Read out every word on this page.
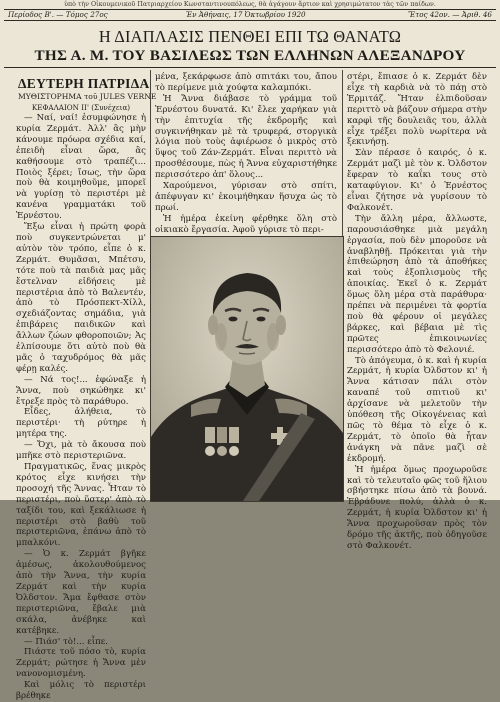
ὑπὸ τὴν Οἰκουμενικοῦ Πατριαρχείου Κωνσταντινουπόλεως, θὰ ἀγάγουν ἄρτιον καὶ χρησιμώτατον τὰς τῶν παίδων.
Περίοδος Β'. — Τόμος 27ος	Ἐν Ἀθήναις, 17 Ὀκτωβρίου 1920	Ἔτος 42ον. — Ἀριθ. 46
Η ΔΙΑΠΛΑΣΙΣ ΠΕΝΘΕΙ ΕΠΙ ΤΩ ΘΑΝΑΤΩ
ΤΗΣ Α. Μ. ΤΟΥ ΒΑΣΙΛΕΩΣ ΤΩΝ ΕΛΛΗΝΩΝ ΑΛΕΞΑΝΔΡΟΥ
ΔΕΥΤΕΡΗ ΠΑΤΡΙΔΑ
ΜΥΘΙΣΤΟΡΗΜΑ τοῦ JULES VERNE

ΚΕΦΑΛΑΙΟΝ ΙΙ' (Συνέχεια)

— Ναί, ναί! ἐσυμφώνησε ἡ κυρία Ζερμάτ. Ἀλλ' ἂς μὴν κάνουμε πρόωρα σχέδια καί, ἐπειδὴ εἶναι ὥρα, ἂς καθήσουμε στὸ τραπέζι... Ποιὸς ξέρει; ἴσως, τὴν ὥρα ποὺ θὰ κοιμηθοῦμε, μπορεῖ νὰ γυρίσῃ τὸ περιστέρι μὲ κανένα γραμματάκι τοῦ Ἐρνέστου.

Ἔξω εἶναι ἡ πρώτη φορὰ ποὺ συγκεντρώνεται μ' αὐτὸν τὸν τρόπο, εἶπε ὁ κ. Ζερμάτ. Θυμᾶσαι, Μπέτσυ, τότε ποὺ τὰ παιδιὰ μας μᾶς ἔστελναν εἰδήσεις μὲ περιστέρια ἀπὸ τὸ Βαλεντέν, ἀπὸ τὸ Πρόσπεκτ-Χίλλ, σχεδιάζοντας σημάδια, γιὰ ἐπιβάρεις παιδικῶν καὶ ἄλλων ζώων φθοροποιῶν; Ἀς ἐλπίσουμε ὅτι αὐτὸ ποὺ θὰ μᾶς ὁ ταχυδρόμος θὰ μᾶς φέρῃ καλές.

— Νά τος!... ἐφώναξε ἡ Ἄννα, ποὺ σηκώθηκε κι' ἔτρεξε πρὸς τὸ παράθυρο.

Εἶδες, ἀλήθεια, τὸ περιστέρι· τὴ ρύτηρε ἡ μητέρα της.

— Ὄχι, μὰ τὸ ἄκουσα ποὺ μπῆκε στὸ περιστεριῶνα.

Πραγματικῶς, ἕνας μικρὸς κρότος εἶχε κινήσει τὴν προσοχή τῆς Ἄννας. Ἦταν τὸ περιστέρι, ποὺ ὕστερ' ἀπὸ τὸ ταξίδι του, καὶ ξεκάλιωσε ἡ περιστέρι στὸ βαθὺ τοῦ περιστεριῶνα, ἐπάνω ἀπὸ τὸ μπαλκόνι.

— Ὁ κ. Ζερμάτ βγῆκε ἀμέσως, ἀκολουθούμενος ἀπὸ τὴν Ἄννα, τὴν κυρία Ζερμάτ καὶ τὴν κυρία Ὀλδστον. Ἄμα ἔφθασε στὸν περιστεριῶνα, ἔβαλε μιὰ σκάλα, ἀνέβηκε καὶ κατέβηκε.

— Πιάσ' τὸ!... εἶπε.

Πιάστε τοῦ πόσο τὸ, κυρία Ζερμάτ; ρώτησε ἡ Ἄννα μὲν νανονομισμένη.

Καὶ μόλις τὸ περιστέρι βρέθηκε

μένα, ξεκάρφωσε ἀπὸ σπιτάκι του, ἄπου τὸ περίμενε μιὰ χούφτα καλαμπόκι.

Ἡ Ἄννα διάβασε τὸ γράμμα τοῦ Ἐρνέστου δυνατά. Κι' ἔλεε χαρήκαν γιὰ τὴν ἐπιτυχία τῆς ἐκδρομῆς καὶ συγκινήθηκαν μὲ τὰ τρυφερά, στοργικὰ λόγια ποὺ τοὺς ἀφιέρωσε ὁ μικρὸς στὸ ὕψος τοῦ Ζάν-Ζερμάτ. Εἶναι περιττὸ νὰ προσθέσουμε, πὼς ἡ Ἄννα εὐχαριστήθηκε περισσότερο ἀπ' ὅλους...

Χαρούμενοι, γύρισαν στὸ σπίτι, ἀπέφυγαν κι' ἐκοιμήθηκαν ἥσυχα ὡς τὸ πρωί.

Ἡ ἡμέρα ἐκείνη φέρθηκε ὅλη στὸ οἰκιακὸ ἔργασία. Ἀφοῦ γύρισε τὸ περι-

στέρι, ἔπιασε ὁ κ. Ζερμάτ δὲν εἶχε τὴ καρδιὰ νὰ τὸ πάῃ στὸ Ἐρμιτάζ. Ἤταν ἐλπιδοῦσαν περιττὸ νὰ βάζουν σήμερα στὴν καρφὶ τῆς δουλειᾶς του, ἀλλὰ εἶχε τρέξει πολὺ νωρίτερα νὰ ξεκινήσῃ.

Σὰν πέρασε ὁ καιρός, ὁ κ. Ζερμάτ μαζὶ μὲ τὸν κ. Ὀλδστον ἔφεραν τὸ καΐκι τους στὸ καταφύγιον. Κι' ὁ Ἐρνέστος εἶναι ζήτησε νὰ γυρίσουν τὸ Φαλκονέτ.

Τὴν ἄλλη μέρα, ἄλλωστε, παρουσιάσθηκε μιὰ μεγάλη ἐργασία, ποὺ δὲν μποροῦσε νὰ ἀναβληθῇ. Πρόκειται γιὰ τὴν ἐπιθεώρηση ἀπὸ τὰ ἀποθήκες καὶ τοὺς ἐξοπλισμοὺς τῆς ἀποικίας. Ἐκεῖ ὁ κ. Ζερμάτ ὅμως ὅλη μέρα στὰ παράθυρα· πρέπει νὰ περιμένει τὰ φορτία ποὺ θὰ φέρουν οἱ μεγάλες βάρκες, καὶ βέβαια μὲ τὶς πρῶτες ἐπικοινωνίες περισσότερο ἀπὸ τὸ Φελονιέ.

Τὸ ἀπόγευμα, ὁ κ. καὶ ἡ κυρία Ζερμάτ, ἡ κυρία Ὀλδστον κι' ἡ Ἄννα κάτισαν πάλι στὸν καναπέ τοῦ σπιτιοῦ κι' ἀρχίσανε νὰ μελετοῦν τὴν ὑπόθεση τῆς Οἰκογένειας καὶ πῶς τὸ θέμα τὸ εἶχε ὁ κ. Ζερμάτ, τὸ ὁποῖο θὰ ἦταν ἀνάγκη νὰ πᾶνε μαζὶ σὲ ἐκδρομή.

Ἡ ἡμέρα ὅμως προχωροῦσε καὶ τὸ τελευταῖο φῶς τοῦ ἥλιου σβήστηκε πίσω ἀπὸ τὰ βουνά. Ἐβράδυνε πολύ, ἀλλὰ ὁ κ. Ζερμάτ, ἡ κυρία Ὀλδστον κι' ἡ Ἄννα προχωροῦσαν πρὸς τὸν δρόμο τῆς ἀκτῆς, ποὺ ὁδηγοῦσε στὸ Φαλκονέτ.
